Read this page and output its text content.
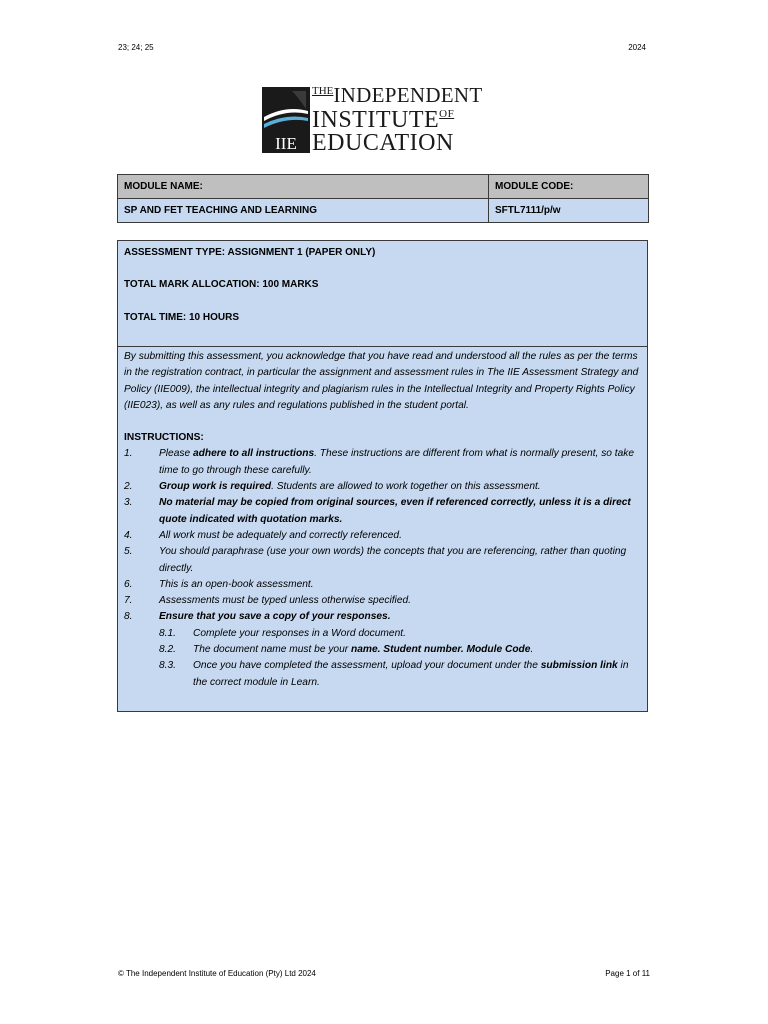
23; 24; 25	2024
IIE
$^{THE}$INDEPENDENT
$INSTITUTE^{OF}$
EDUCATION
MODULE NAME:	MODULE CODE:
SP AND FET TEACHING AND LEARNING	SFTL7111/p/w

ASSESSMENT TYPE: ASSIGNMENT 1 (PAPER ONLY)

TOTAL MARK ALLOCATION: 100 MARKS

TOTAL TIME: 10 HOURS

By submitting this assessment, you acknowledge that you have read and understood all the rules as per the terms in the registration contract, in particular the assignment and assessment rules in The IIE Assessment Strategy and Policy (IIE009), the intellectual integrity and plagiarism rules in the Intellectual Integrity and Property Rights Policy (IIE023), as well as any rules and regulations published in the student portal.

INSTRUCTIONS:

1.	Please adhere to all instructions. These instructions are different from what is normally present, so take time to go through these carefully.
2.	Group work is required. Students are allowed to work together on this assessment.
3.	No material may be copied from original sources, even if referenced correctly, unless it is a direct quote indicated with quotation marks.
4.	All work must be adequately and correctly referenced.
5.	You should paraphrase (use your own words) the concepts that you are referencing, rather than quoting directly.
6.	This is an open-book assessment.
7.	Assessments must be typed unless otherwise specified.
8.	Ensure that you save a copy of your responses.
8.1. Complete your responses in a Word document.
8.2. The document name must be your name. Student number. Module Code.
8.3. Once you have completed the assessment, upload your document under the submission link in the correct module in Learn.
© The Independent Institute of Education (Pty) Ltd 2024	Page 1 of 11
